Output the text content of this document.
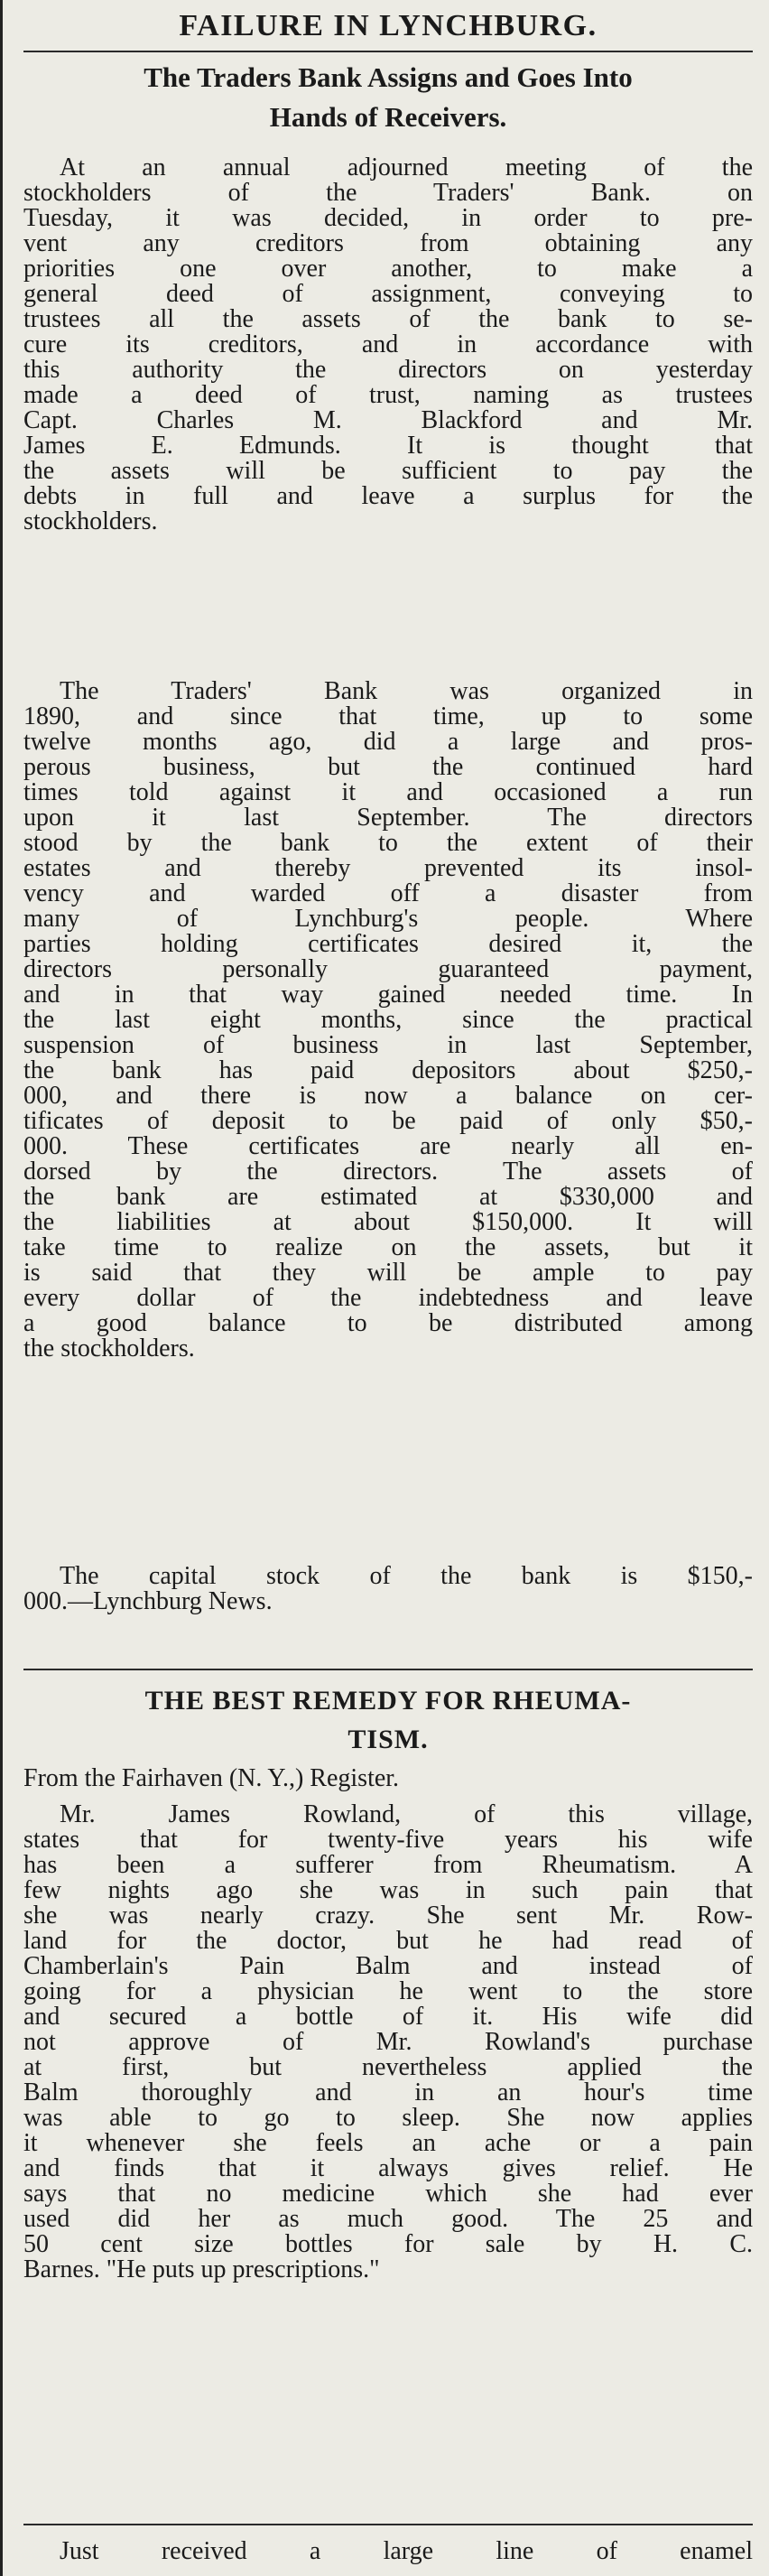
FAILURE IN LYNCHBURG.
The Traders Bank Assigns and Goes Into
Hands of Receivers.
At an annual adjourned meeting of the
stockholders of the Traders' Bank. on
Tuesday, it was decided, in order to pre-
vent any creditors from obtaining any
priorities one over another, to make a
general deed of assignment, conveying to
trustees all the assets of the bank to se-
cure its creditors, and in accordance with
this authority the directors on yesterday
made a deed of trust, naming as trustees
Capt. Charles M. Blackford and Mr.
James E. Edmunds. It is thought that
the assets will be sufficient to pay the
debts in full and leave a surplus for the
stockholders.
The Traders' Bank was organized in
1890, and since that time, up to some
twelve months ago, did a large and pros-
perous business, but the continued hard
times told against it and occasioned a run
upon it last September. The directors
stood by the bank to the extent of their
estates and thereby prevented its insol-
vency and warded off a disaster from
many of Lynchburg's people. Where
parties holding certificates desired it, the
directors personally guaranteed payment,
and in that way gained needed time. In
the last eight months, since the practical
suspension of business in last September,
the bank has paid depositors about $250,-
000, and there is now a balance on cer-
tificates of deposit to be paid of only $50,-
000. These certificates are nearly all en-
dorsed by the directors. The assets of
the bank are estimated at $330,000 and
the liabilities at about $150,000. It will
take time to realize on the assets, but it
is said that they will be ample to pay
every dollar of the indebtedness and leave
a good balance to be distributed among
the stockholders.
The capital stock of the bank is $150,-
000.—Lynchburg News.
THE BEST REMEDY FOR RHEUMA-
TISM.
From the Fairhaven (N. Y.,) Register.
Mr. James Rowland, of this village,
states that for twenty-five years his wife
has been a sufferer from Rheumatism. A
few nights ago she was in such pain that
she was nearly crazy. She sent Mr. Row-
land for the doctor, but he had read of
Chamberlain's Pain Balm and instead of
going for a physician he went to the store
and secured a bottle of it. His wife did
not approve of Mr. Rowland's purchase
at first, but nevertheless applied the
Balm thoroughly and in an hour's time
was able to go to sleep. She now applies
it whenever she feels an ache or a pain
and finds that it always gives relief. He
says that no medicine which she had ever
used did her as much good. The 25 and
50 cent size bottles for sale by H. C.
Barnes. "He puts up prescriptions."
Just received a large line of enamel
